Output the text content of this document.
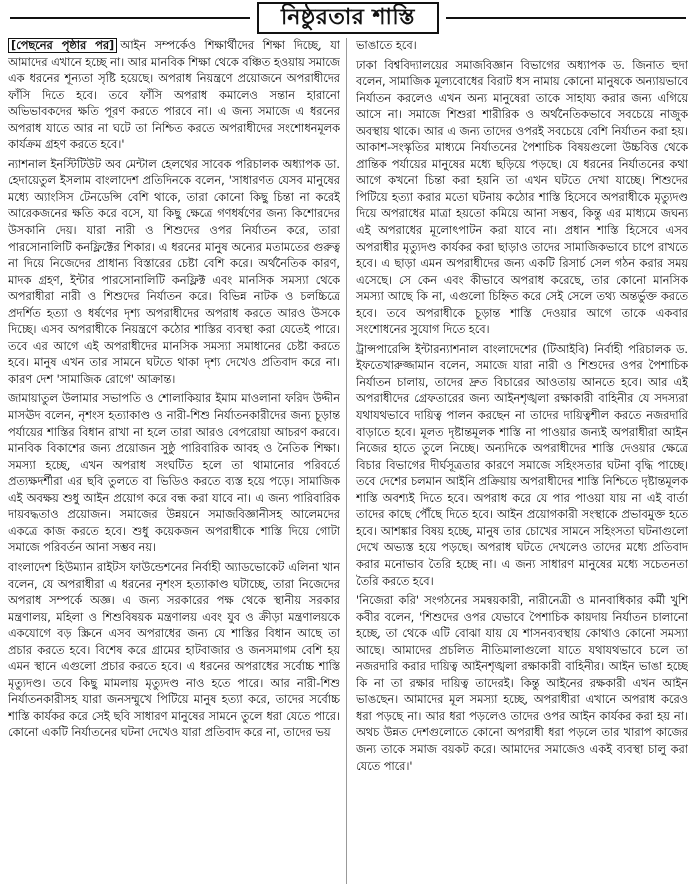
নিষ্ঠুরতার শাস্তি

[পেছনের পৃষ্ঠার পর] আইন সম্পর্কেও শিক্ষার্থীদের শিক্ষা দিচ্ছে, যা আমাদের এখানে হচ্ছে না। আর মানবিক শিক্ষা থেকে বঞ্চিত হওয়ায় সমাজে এক ধরনের শূন্যতা সৃষ্টি হয়েছে। অপরাধ নিয়ন্ত্রণে প্রয়োজনে অপরাধীদের ফাঁসি দিতে হবে। তবে ফাঁসি অপরাধ কমালেও সন্তান হারানো অভিভাবকদের ক্ষতি পূরণ করতে পারবে না। এ জন্য সমাজে এ ধরনের অপরাধ যাতে আর না ঘটে তা নিশ্চিত করতে অপরাধীদের সংশোধনমূলক কার্যক্রম গ্রহণ করতে হবে।'

ন্যাশনাল ইনস্টিটিউট অব মেন্টাল হেলথের সাবেক পরিচালক অধ্যাপক ডা. হেদায়েতুল ইসলাম বাংলাদেশ প্রতিদিনকে বলেন, 'সাধারণত যেসব মানুষের মধ্যে অ্যাংসিস টেনডেন্সি বেশি থাকে, তারা কোনো কিছু চিন্তা না করেই আরেকজনের ক্ষতি করে বসে, যা কিছু ক্ষেত্রে গণধর্ষণের জন্য কিশোরদের উসকানি দেয়। যারা নারী ও শিশুদের ওপর নির্যাতন করে, তারা পারসোনালিটি কনফ্লিক্টের শিকার। এ ধরনের মানুষ অন্যের মতামতের গুরুত্ব না দিয়ে নিজেদের প্রাধান্য বিস্তারের চেষ্টা বেশি করে। অর্থনৈতিক কারণ, মাদক গ্রহণ, ইন্টার পারসোনালিটি কনফ্লিক্ট এবং মানসিক সমস্যা থেকে অপরাধীরা নারী ও শিশুদের নির্যাতন করে। বিভিন্ন নাটক ও চলচ্চিত্রে প্রদর্শিত হত্যা ও ধর্ষণের দৃশ্য অপরাধীদের অপরাধ করতে আরও উসকে দিচ্ছে। এসব অপরাধীকে নিয়ন্ত্রণে কঠোর শাস্তির ব্যবস্থা করা যেতেই পারে। তবে এর আগে এই অপরাধীদের মানসিক সমস্যা সমাধানের চেষ্টা করতে হবে। মানুষ এখন তার সামনে ঘটতে থাকা দৃশ্য দেখেও প্রতিবাদ করে না। কারণ দেশ 'সামাজিক রোগে' আক্রান্ত।

জামায়াতুল উলামার সভাপতি ও শোলাকিয়ার ইমাম মাওলানা ফরিদ উদ্দীন মাসঊদ বলেন, নৃশংস হত্যাকাণ্ড ও নারী-শিশু নির্যাতনকারীদের জন্য চূড়ান্ত পর্যায়ের শাস্তির বিধান রাখা না হলে তারা আরও বেপরোয়া আচরণ করবে। মানবিক বিকাশের জন্য প্রয়োজন সুষ্ঠু পারিবারিক আবহ ও নৈতিক শিক্ষা। সমস্যা হচ্ছে, এখন অপরাধ সংঘটিত হলে তা থামানোর পরিবর্তে প্রত্যক্ষদর্শীরা এর ছবি তুলতে বা ভিডিও করতে ব্যস্ত হয়ে পড়ে। সামাজিক এই অবক্ষয় শুধু আইন প্রয়োগ করে বন্ধ করা যাবে না। এ জন্য পারিবারিক দায়বদ্ধতাও প্রয়োজন। সমাজের উন্নয়নে সমাজবিজ্ঞানীসহ আলেমদের একত্রে কাজ করতে হবে। শুধু কয়েকজন অপরাধীকে শাস্তি দিয়ে গোটা সমাজে পরিবর্তন আনা সম্ভব নয়।

বাংলাদেশ হিউম্যান রাইটস ফাউন্ডেশনের নির্বাহী অ্যাডভোকেট এলিনা খান বলেন, যে অপরাধীরা এ ধরনের নৃশংস হত্যাকাণ্ড ঘটাচ্ছে, তারা নিজেদের অপরাধ সম্পর্কে অজ্ঞ। এ জন্য সরকারের পক্ষ থেকে স্থানীয় সরকার মন্ত্রণালয়, মহিলা ও শিশুবিষয়ক মন্ত্রণালয় এবং যুব ও ক্রীড়া মন্ত্রণালয়কে একযোগে বড় স্ক্রিনে এসব অপরাধের জন্য যে শাস্তির বিধান আছে তা প্রচার করতে হবে। বিশেষ করে গ্রামের হাটবাজার ও জনসমাগম বেশি হয় এমন স্থানে এগুলো প্রচার করতে হবে। এ ধরনের অপরাধের সর্বোচ্চ শাস্তি মৃত্যুদণ্ড। তবে কিছু মামলায় মৃত্যুদণ্ড নাও হতে পারে। আর নারী-শিশু নির্যাতনকারীসহ যারা জনসম্মুখে পিটিয়ে মানুষ হত্যা করে, তাদের সর্বোচ্চ শাস্তি কার্যকর করে সেই ছবি সাধারণ মানুষের সামনে তুলে ধরা যেতে পারে। কোনো একটি নির্যাতনের ঘটনা দেখেও যারা প্রতিবাদ করে না, তাদের ভয়

ভাঙাতে হবে।

ঢাকা বিশ্ববিদ্যালয়ের সমাজবিজ্ঞান বিভাগের অধ্যাপক ড. জিনাত হুদা বলেন, সামাজিক মূল্যবোধের বিরাট ধস নামায় কোনো মানুষকে অন্যায়ভাবে নির্যাতন করলেও এখন অন্য মানুষেরা তাকে সাহায্য করার জন্য এগিয়ে আসে না। সমাজে শিশুরা শারীরিক ও অর্থনৈতিকভাবে সবচেয়ে নাজুক অবস্থায় থাকে। আর এ জন্য তাদের ওপরই সবচেয়ে বেশি নির্যাতন করা হয়। আকাশ-সংস্কৃতির মাধ্যমে নির্যাতনের পৈশাচিক বিষয়গুলো উচ্চবিত্ত থেকে প্রান্তিক পর্যায়ের মানুষের মধ্যে ছড়িয়ে পড়ছে। যে ধরনের নির্যাতনের কথা আগে কখনো চিন্তা করা হয়নি তা এখন ঘটতে দেখা যাচ্ছে। শিশুদের পিটিয়ে হত্যা করার মতো ঘটনায় কঠোর শাস্তি হিসেবে অপরাধীকে মৃত্যুদণ্ড দিয়ে অপরাধের মাত্রা হয়তো কমিয়ে আনা সম্ভব, কিন্তু এর মাধ্যমে জঘন্য এই অপরাধের মূলোৎপাটন করা যাবে না। প্রধান শাস্তি হিসেবে এসব অপরাধীর মৃত্যুদণ্ড কার্যকর করা ছাড়াও তাদের সামাজিকভাবে চাপে রাখতে হবে। এ ছাড়া এমন অপরাধীদের জন্য একটি রিসার্চ সেল গঠন করার সময় এসেছে। সে কেন এবং কীভাবে অপরাধ করেছে, তার কোনো মানসিক সমস্যা আছে কি না, এগুলো চিহ্নিত করে সেই সেলে তথ্য অন্তর্ভুক্ত করতে হবে। তবে অপরাধীকে চূড়ান্ত শাস্তি দেওয়ার আগে তাকে একবার সংশোধনের সুযোগ দিতে হবে।

ট্রান্সপারেন্সি ইন্টারন্যাশনাল বাংলাদেশের (টিআইবি) নির্বাহী পরিচালক ড. ইফতেখারুজ্জামান বলেন, সমাজে যারা নারী ও শিশুদের ওপর পৈশাচিক নির্যাতন চালায়, তাদের দ্রুত বিচারের আওতায় আনতে হবে। আর এই অপরাধীদের গ্রেফতারের জন্য আইনশৃঙ্খলা রক্ষাকারী বাহিনীর যে সদস্যরা যথাযথভাবে দায়িত্ব পালন করছেন না তাদের দায়িত্বশীল করতে নজরদারি বাড়াতে হবে। মূলত দৃষ্টান্তমূলক শাস্তি না পাওয়ার জন্যই অপরাধীরা আইন নিজের হাতে তুলে নিচ্ছে। অন্যদিকে অপরাধীদের শাস্তি দেওয়ার ক্ষেত্রে বিচার বিভাগের দীর্ঘসূত্রতার কারণে সমাজে সহিংসতার ঘটনা বৃদ্ধি পাচ্ছে। তবে দেশের চলমান আইনি প্রক্রিয়ায় অপরাধীদের শাস্তি নিশ্চিতে দৃষ্টান্তমূলক শাস্তি অবশ্যই দিতে হবে। অপরাধ করে যে পার পাওয়া যায় না এই বার্তা তাদের কাছে পৌঁছে দিতে হবে। আইন প্রয়োগকারী সংস্থাকে প্রভাবমুক্ত হতে হবে। আশঙ্কার বিষয় হচ্ছে, মানুষ তার চোখের সামনে সহিংসতা ঘটনাগুলো দেখে অভ্যস্ত হয়ে পড়ছে। অপরাধ ঘটতে দেখলেও তাদের মধ্যে প্রতিবাদ করার মনোভাব তৈরি হচ্ছে না। এ জন্য সাধারণ মানুষের মধ্যে সচেতনতা তৈরি করতে হবে।

'নিজেরা করি' সংগঠনের সমন্বয়কারী, নারীনেত্রী ও মানবাধিকার কর্মী খুশি কবীর বলেন, 'শিশুদের ওপর যেভাবে পৈশাচিক কায়দায় নির্যাতন চালানো হচ্ছে, তা থেকে এটি বোঝা যায় যে শাসনব্যবস্থায় কোথাও কোনো সমস্যা আছে। আমাদের প্রচলিত নীতিমালাগুলো যাতে যথাযথভাবে চলে তা নজরদারি করার দায়িত্ব আইনশৃঙ্খলা রক্ষাকারী বাহিনীর। আইন ভাঙা হচ্ছে কি না তা রক্ষার দায়িত্ব তাদেরই। কিন্তু আইনের রক্ষকারী এখন আইন ভাঙছেন। আমাদের মূল সমস্যা হচ্ছে, অপরাধীরা এখানে অপরাধ করেও ধরা পড়ছে না। আর ধরা পড়লেও তাদের ওপর আইন কার্যকর করা হয় না। অথচ উন্নত দেশগুলোতে কোনো অপরাধী ধরা পড়লে তার খারাপ কাজের জন্য তাকে সমাজ বয়কট করে। আমাদের সমাজেও একই ব্যবস্থা চালু করা যেতে পারে।'
